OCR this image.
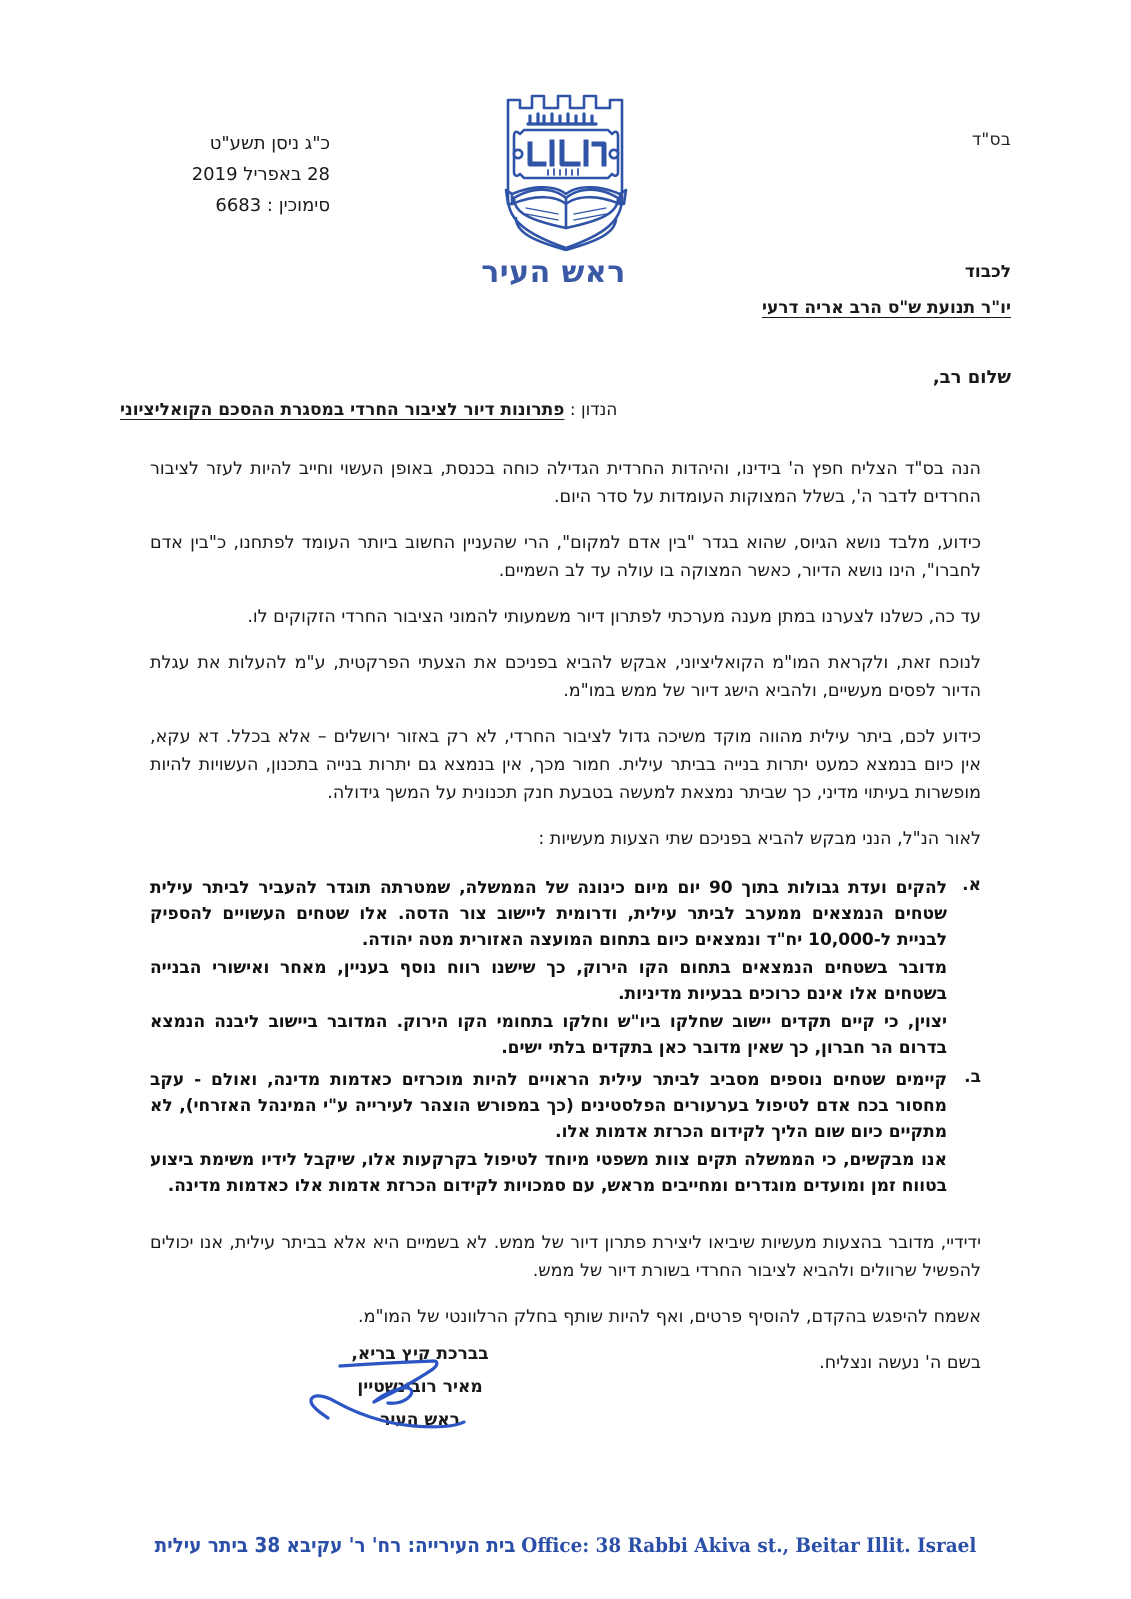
בס"ד
כ"ג ניסן תשע"ט
28 באפריל 2019
סימוכין : 6683
ראש העיר	לכבוד
יו"ר תנועת ש"ס הרב אריה דרעי
שלום רב,
הנדון : פתרונות דיור לציבור החרדי במסגרת ההסכם הקואליציוני

הנה בס"ד הצליח חפץ ה' בידינו, והיהדות החרדית הגדילה כוחה בכנסת, באופן העשוי וחייב להיות לעזר לציבור החרדים לדבר ה', בשלל המצוקות העומדות על סדר היום.

כידוע, מלבד נושא הגיוס, שהוא בגדר "בין אדם למקום", הרי שהעניין החשוב ביותר העומד לפתחנו, כ"בין אדם לחברו", הינו נושא הדיור, כאשר המצוקה בו עולה עד לב השמיים.

עד כה, כשלנו לצערנו במתן מענה מערכתי לפתרון דיור משמעותי להמוני הציבור החרדי הזקוקים לו.

לנוכח זאת, ולקראת המו"מ הקואליציוני, אבקש להביא בפניכם את הצעתי הפרקטית, ע"מ להעלות את עגלת הדיור לפסים מעשיים, ולהביא הישג דיור של ממש במו"מ.

כידוע לכם, ביתר עילית מהווה מוקד משיכה גדול לציבור החרדי, לא רק באזור ירושלים – אלא בכלל. דא עקא, אין כיום בנמצא כמעט יתרות בנייה בביתר עילית. חמור מכך, אין בנמצא גם יתרות בנייה בתכנון, העשויות להיות מופשרות בעיתוי מדיני, כך שביתר נמצאת למעשה בטבעת חנק תכנונית על המשך גידולה.

לאור הנ"ל, הנני מבקש להביא בפניכם שתי הצעות מעשיות :

א.

להקים ועדת גבולות בתוך 90 יום מיום כינונה של הממשלה, שמטרתה תוגדר להעביר לביתר עילית שטחים הנמצאים ממערב לביתר עילית, ודרומית ליישוב צור הדסה. אלו שטחים העשויים להספיק לבניית ל-10,000 יח"ד ונמצאים כיום בתחום המועצה האזורית מטה יהודה.

מדובר בשטחים הנמצאים בתחום הקו הירוק, כך שישנו רווח נוסף בעניין, מאחר ואישורי הבנייה בשטחים אלו אינם כרוכים בבעיות מדיניות.

יצוין, כי קיים תקדים יישוב שחלקו ביו"ש וחלקו בתחומי הקו הירוק. המדובר ביישוב ליבנה הנמצא בדרום הר חברון, כך שאין מדובר כאן בתקדים בלתי ישים.

ב.

קיימים שטחים נוספים מסביב לביתר עילית הראויים להיות מוכרזים כאדמות מדינה, ואולם - עקב מחסור בכח אדם לטיפול בערעורים הפלסטינים (כך במפורש הוצהר לעירייה ע"י המינהל האזרחי), לא מתקיים כיום שום הליך לקידום הכרזת אדמות אלו.

אנו מבקשים, כי הממשלה תקים צוות משפטי מיוחד לטיפול בקרקעות אלו, שיקבל לידיו משימת ביצוע בטווח זמן ומועדים מוגדרים ומחייבים מראש, עם סמכויות לקידום הכרזת אדמות אלו כאדמות מדינה.

ידידיי, מדובר בהצעות מעשיות שיביאו ליצירת פתרון דיור של ממש. לא בשמיים היא אלא בביתר עילית, אנו יכולים להפשיל שרוולים ולהביא לציבור החרדי בשורת דיור של ממש.

אשמח להיפגש בהקדם, להוסיף פרטים, ואף להיות שותף בחלק הרלוונטי של המו"מ.

בשם ה' נעשה ונצליח.

בברכת קיץ בריא,
מאיר רובינשטיין
ראש העיר
Office: 38 Rabbi Akiva st., Beitar Illit. Israel בית העירייה: רח' ר' עקיבא 38 ביתר עילית
